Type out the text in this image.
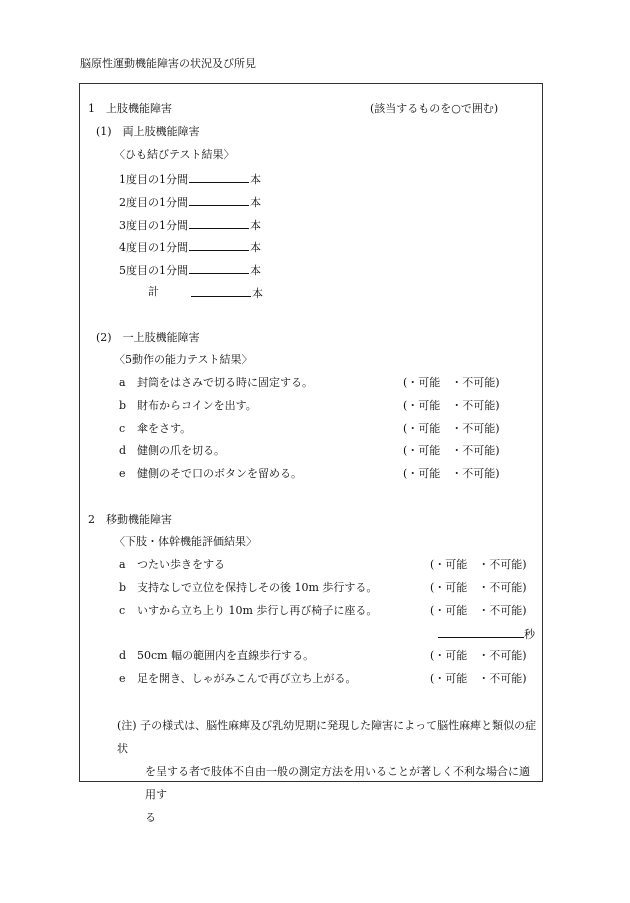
脳原性運動機能障害の状況及び所見
1　上肢機能障害	(該当するものを○で囲む)
(1)　両上肢機能障害
〈ひも結びテスト結果〉
1度目の1分間	本
2度目の1分間	本
3度目の1分間	本
4度目の1分間	本
5度目の1分間	本
計	本
(2)　一上肢機能障害
〈5動作の能力テスト結果〉
a 封筒をはさみで切る時に固定する。	(・可能　・不可能)
b 財布からコインを出す。	(・可能　・不可能)
c 傘をさす。	(・可能　・不可能)
d 健側の爪を切る。	(・可能　・不可能)
e 健側のそで口のボタンを留める。	(・可能　・不可能)
2　移動機能障害
〈下肢・体幹機能評価結果〉
a つたい歩きをする	(・可能　・不可能)
b 支持なしで立位を保持しその後 10m 歩行する。	(・可能　・不可能)
c いすから立ち上り 10m 歩行し再び椅子に座る。	(・可能　・不可能)
秒
d 50cm 幅の範囲内を直線歩行する。	(・可能　・不可能)
e 足を開き、しゃがみこんで再び立ち上がる。	(・可能　・不可能)
(注) 子の様式は、脳性麻痺及び乳幼児期に発現した障害によって脳性麻痺と類似の症状
を呈する者で肢体不自由一般の測定方法を用いることが著しく不利な場合に適用す
る
